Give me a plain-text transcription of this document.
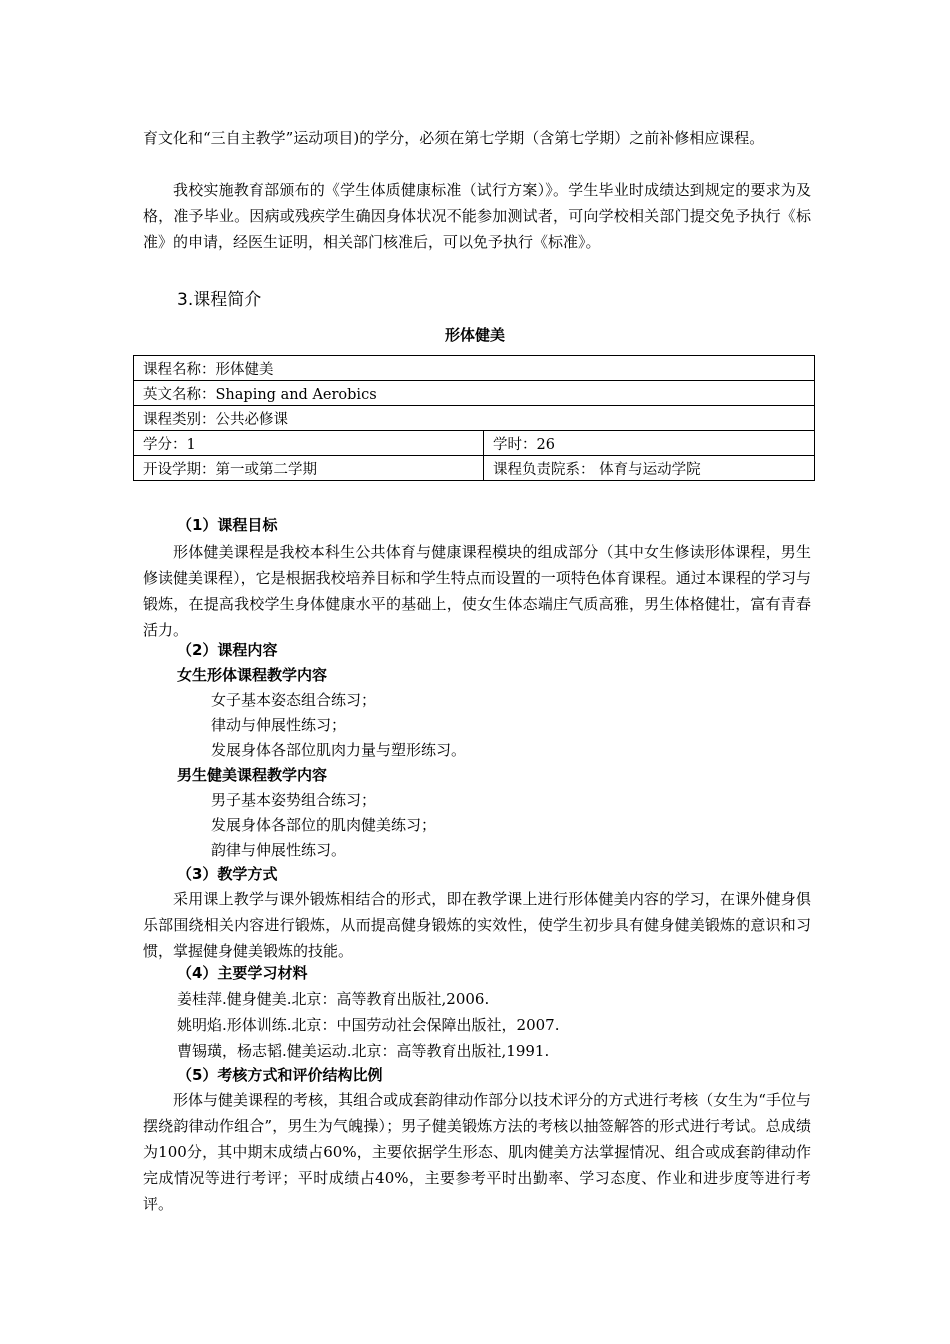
育文化和“三自主教学”运动项目)的学分，必须在第七学期（含第七学期）之前补修相应课程。

我校实施教育部颁布的《学生体质健康标准（试行方案）》。学生毕业时成绩达到规定的要求为及格，准予毕业。因病或残疾学生确因身体状况不能参加测试者，可向学校相关部门提交免予执行《标准》的申请，经医生证明，相关部门核准后，可以免予执行《标准》。

3.课程简介
形体健美
课程名称：形体健美	
英文名称：Shaping and Aerobics	
课程类别：公共必修课	
学分：1	学时：26
开设学期：第一或第二学期	课程负责院系： 体育与运动学院
（1）课程目标

形体健美课程是我校本科生公共体育与健康课程模块的组成部分（其中女生修读形体课程，男生修读健美课程），它是根据我校培养目标和学生特点而设置的一项特色体育课程。通过本课程的学习与锻炼，在提高我校学生身体健康水平的基础上，使女生体态端庄气质高雅，男生体格健壮，富有青春活力。

（2）课程内容
女生形体课程教学内容
女子基本姿态组合练习；
律动与伸展性练习；
发展身体各部位肌肉力量与塑形练习。
男生健美课程教学内容
男子基本姿势组合练习；
发展身体各部位的肌肉健美练习；
韵律与伸展性练习。
（3）教学方式

采用课上教学与课外锻炼相结合的形式，即在教学课上进行形体健美内容的学习，在课外健身俱乐部围绕相关内容进行锻炼，从而提高健身锻炼的实效性，使学生初步具有健身健美锻炼的意识和习惯，掌握健身健美锻炼的技能。

（4）主要学习材料
姜桂萍.健身健美.北京：高等教育出版社,2006.
姚明焰.形体训练.北京：中国劳动社会保障出版社，2007.
曹锡璜，杨志韬.健美运动.北京：高等教育出版社,1991.
（5）考核方式和评价结构比例

形体与健美课程的考核，其组合或成套韵律动作部分以技术评分的方式进行考核（女生为“手位与摆绕韵律动作组合”，男生为气魄操）；男子健美锻炼方法的考核以抽签解答的形式进行考试。总成绩为100分，其中期末成绩占60%，主要依据学生形态、肌肉健美方法掌握情况、组合或成套韵律动作完成情况等进行考评；平时成绩占40%，主要参考平时出勤率、学习态度、作业和进步度等进行考评。
